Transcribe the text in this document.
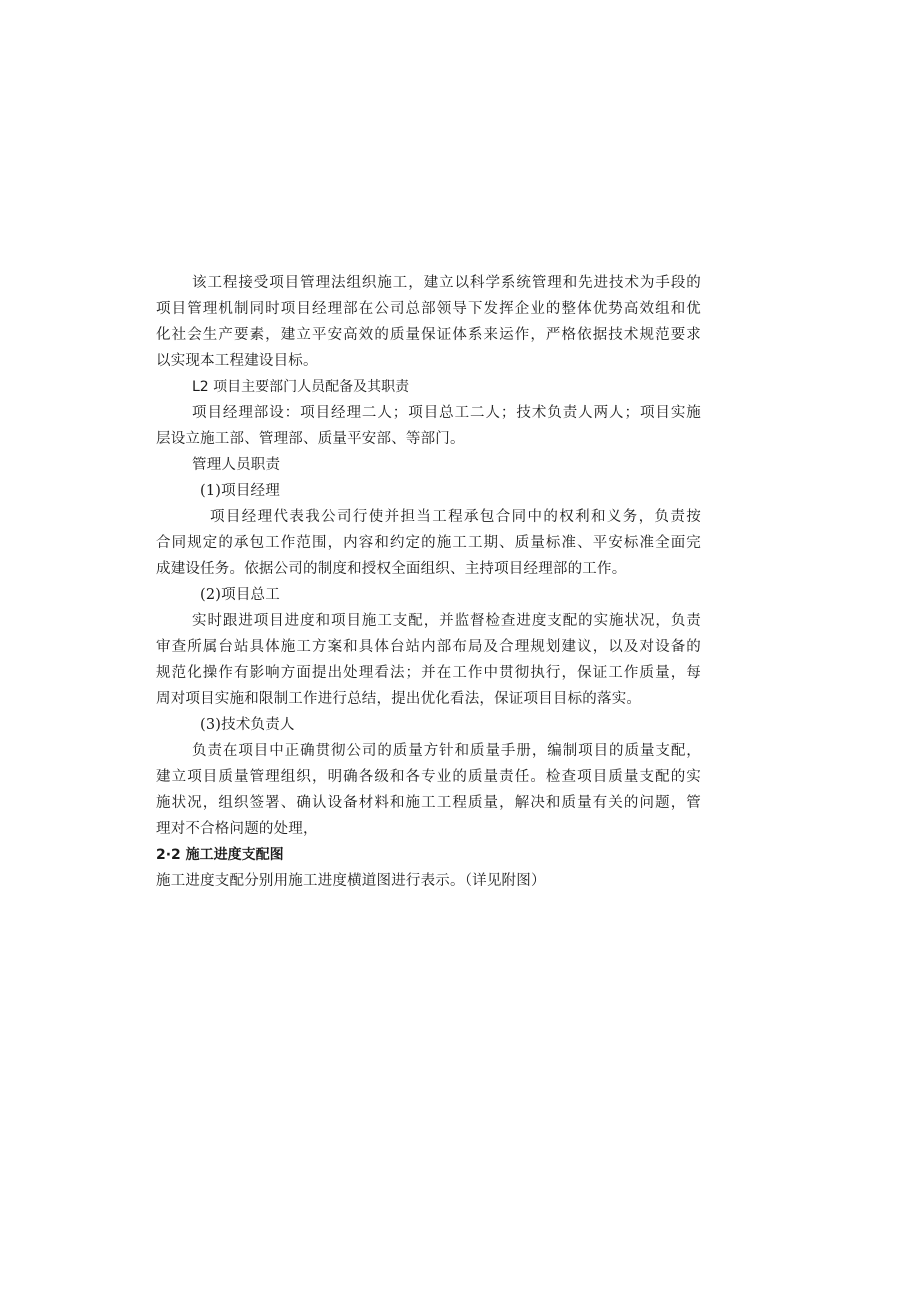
该工程接受项目管理法组织施工，建立以科学系统管理和先进技术为手段的
项目管理机制同时项目经理部在公司总部领导下发挥企业的整体优势高效组和优
化社会生产要素，建立平安高效的质量保证体系来运作，严格依据技术规范要求
以实现本工程建设目标。
L2 项目主要部门人员配备及其职责
项目经理部设：项目经理二人；项目总工二人；技术负责人两人；项目实施
层设立施工部、管理部、质量平安部、等部门。
管理人员职责
(1)项目经理
项目经理代表我公司行使并担当工程承包合同中的权利和义务，负责按
合同规定的承包工作范围，内容和约定的施工工期、质量标准、平安标准全面完
成建设任务。依据公司的制度和授权全面组织、主持项目经理部的工作。
(2)项目总工
实时跟进项目进度和项目施工支配，并监督检查进度支配的实施状况，负责
审查所属台站具体施工方案和具体台站内部布局及合理规划建议，以及对设备的
规范化操作有影响方面提出处理看法；并在工作中贯彻执行，保证工作质量，每
周对项目实施和限制工作进行总结，提出优化看法，保证项目目标的落实。
(3)技术负责人
负责在项目中正确贯彻公司的质量方针和质量手册，编制项目的质量支配，
建立项目质量管理组织，明确各级和各专业的质量责任。检查项目质量支配的实
施状况，组织签署、确认设备材料和施工工程质量，解决和质量有关的问题，管
理对不合格问题的处理，
2·2 施工进度支配图
施工进度支配分别用施工进度横道图进行表示。（详见附图）
